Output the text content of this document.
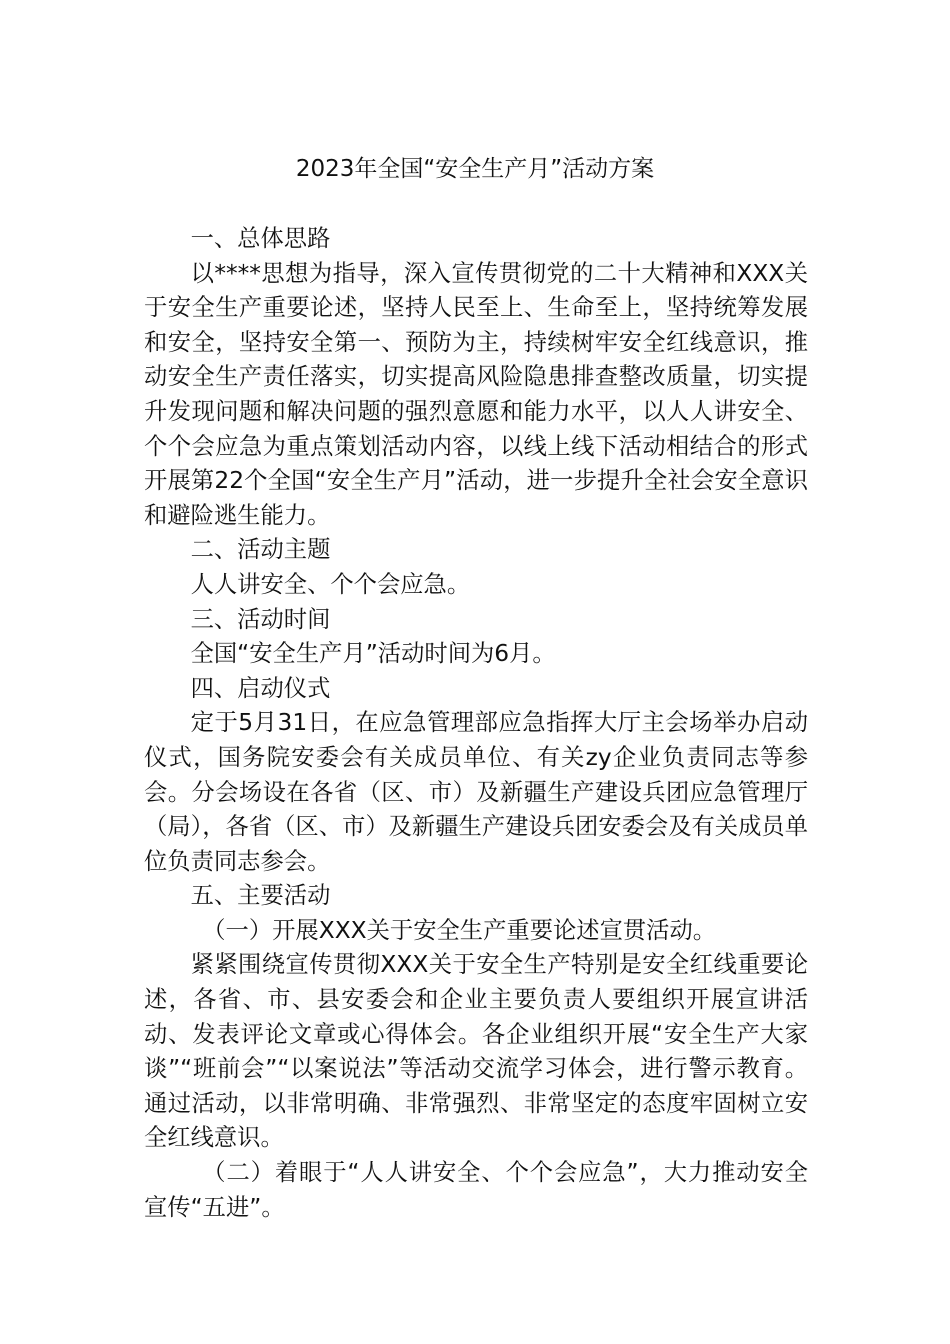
2023年全国“安全生产月”活动方案

一、总体思路

以****思想为指导，深入宣传贯彻党的二十大精神和XXX关于安全生产重要论述，坚持人民至上、生命至上，坚持统筹发展和安全，坚持安全第一、预防为主，持续树牢安全红线意识，推动安全生产责任落实，切实提高风险隐患排查整改质量，切实提升发现问题和解决问题的强烈意愿和能力水平，以人人讲安全、个个会应急为重点策划活动内容，以线上线下活动相结合的形式开展第22个全国“安全生产月”活动，进一步提升全社会安全意识和避险逃生能力。

二、活动主题

人人讲安全、个个会应急。

三、活动时间

全国“安全生产月”活动时间为6月。

四、启动仪式

定于5月31日，在应急管理部应急指挥大厅主会场举办启动仪式，国务院安委会有关成员单位、有关zy企业负责同志等参会。分会场设在各省（区、市）及新疆生产建设兵团应急管理厅（局），各省（区、市）及新疆生产建设兵团安委会及有关成员单位负责同志参会。

五、主要活动

（一）开展XXX关于安全生产重要论述宣贯活动。

紧紧围绕宣传贯彻XXX关于安全生产特别是安全红线重要论述，各省、市、县安委会和企业主要负责人要组织开展宣讲活动、发表评论文章或心得体会。各企业组织开展“安全生产大家谈”“班前会”“以案说法”等活动交流学习体会，进行警示教育。通过活动，以非常明确、非常强烈、非常坚定的态度牢固树立安全红线意识。

（二）着眼于“人人讲安全、个个会应急”，大力推动安全宣传“五进”。
